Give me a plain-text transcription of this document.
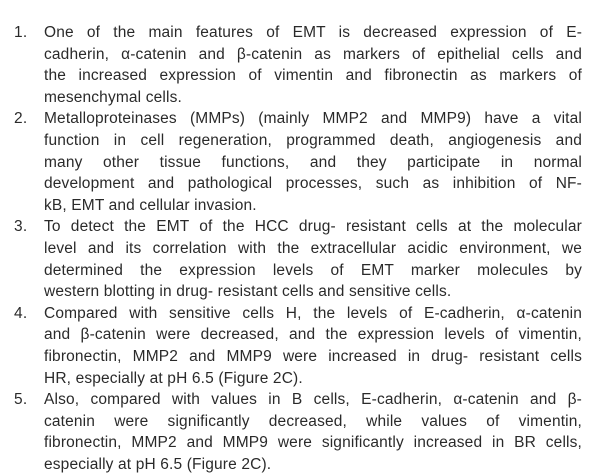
1. One of the main features of EMT is decreased expression of E-
cadherin, α-catenin and β-catenin as markers of epithelial cells and
the increased expression of vimentin and fibronectin as markers of
mesenchymal cells.
2. Metalloproteinases (MMPs) (mainly MMP2 and MMP9) have a vital
function in cell regeneration, programmed death, angiogenesis and
many other tissue functions, and they participate in normal
development and pathological processes, such as inhibition of NF-
kB, EMT and cellular invasion.
3. To detect the EMT of the HCC drug- resistant cells at the molecular
level and its correlation with the extracellular acidic environment, we
determined the expression levels of EMT marker molecules by
western blotting in drug- resistant cells and sensitive cells.
4. Compared with sensitive cells H, the levels of E-cadherin, α-catenin
and β-catenin were decreased, and the expression levels of vimentin,
fibronectin, MMP2 and MMP9 were increased in drug- resistant cells
HR, especially at pH 6.5 (Figure 2C).
5. Also, compared with values in B cells, E-cadherin, α-catenin and β-
catenin were significantly decreased, while values of vimentin,
fibronectin, MMP2 and MMP9 were significantly increased in BR cells,
especially at pH 6.5 (Figure 2C).
